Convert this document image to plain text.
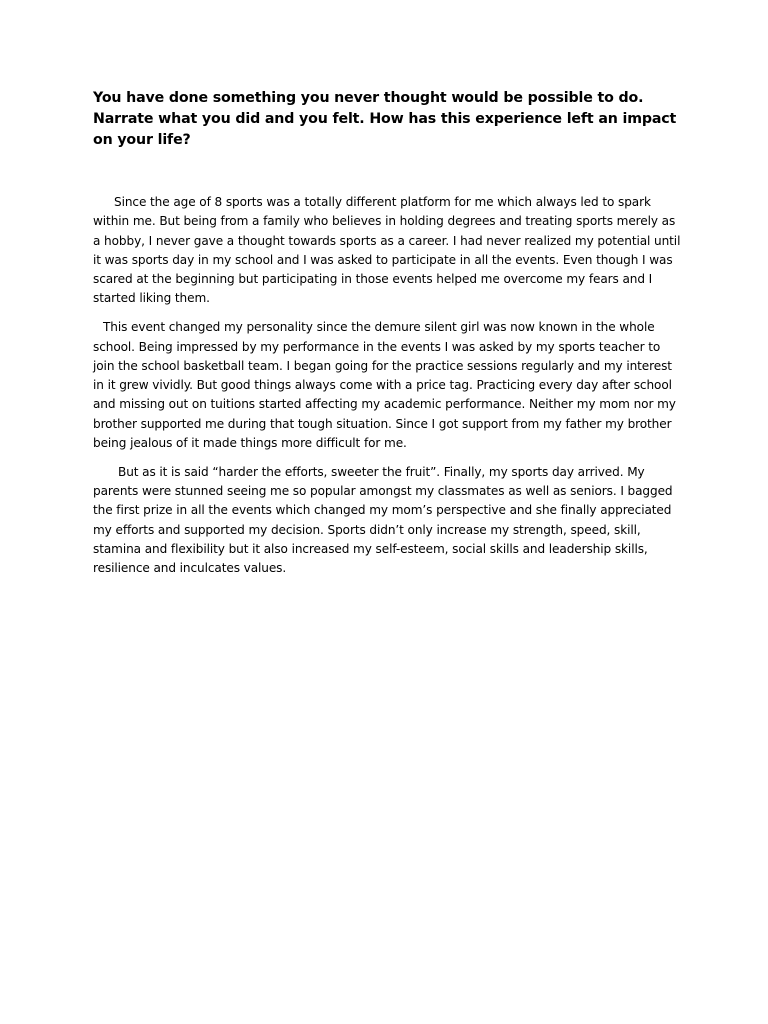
You have done something you never thought would be possible to do. Narrate what you did and you felt. How has this experience left an impact on your life?

Since the age of 8 sports was a totally different platform for me which always led to spark within me. But being from a family who believes in holding degrees and treating sports merely as a hobby, I never gave a thought towards sports as a career. I had never realized my potential until it was sports day in my school and I was asked to participate in all the events. Even though I was scared at the beginning but participating in those events helped me overcome my fears and I started liking them.

This event changed my personality since the demure silent girl was now known in the whole school. Being impressed by my performance in the events I was asked by my sports teacher to join the school basketball team. I began going for the practice sessions regularly and my interest in it grew vividly. But good things always come with a price tag. Practicing every day after school and missing out on tuitions started affecting my academic performance. Neither my mom nor my brother supported me during that tough situation. Since I got support from my father my brother being jealous of it made things more difficult for me.

But as it is said “harder the efforts, sweeter the fruit”. Finally, my sports day arrived. My parents were stunned seeing me so popular amongst my classmates as well as seniors. I bagged the first prize in all the events which changed my mom’s perspective and she finally appreciated my efforts and supported my decision. Sports didn’t only increase my strength, speed, skill, stamina and flexibility but it also increased my self-esteem, social skills and leadership skills, resilience and inculcates values.
